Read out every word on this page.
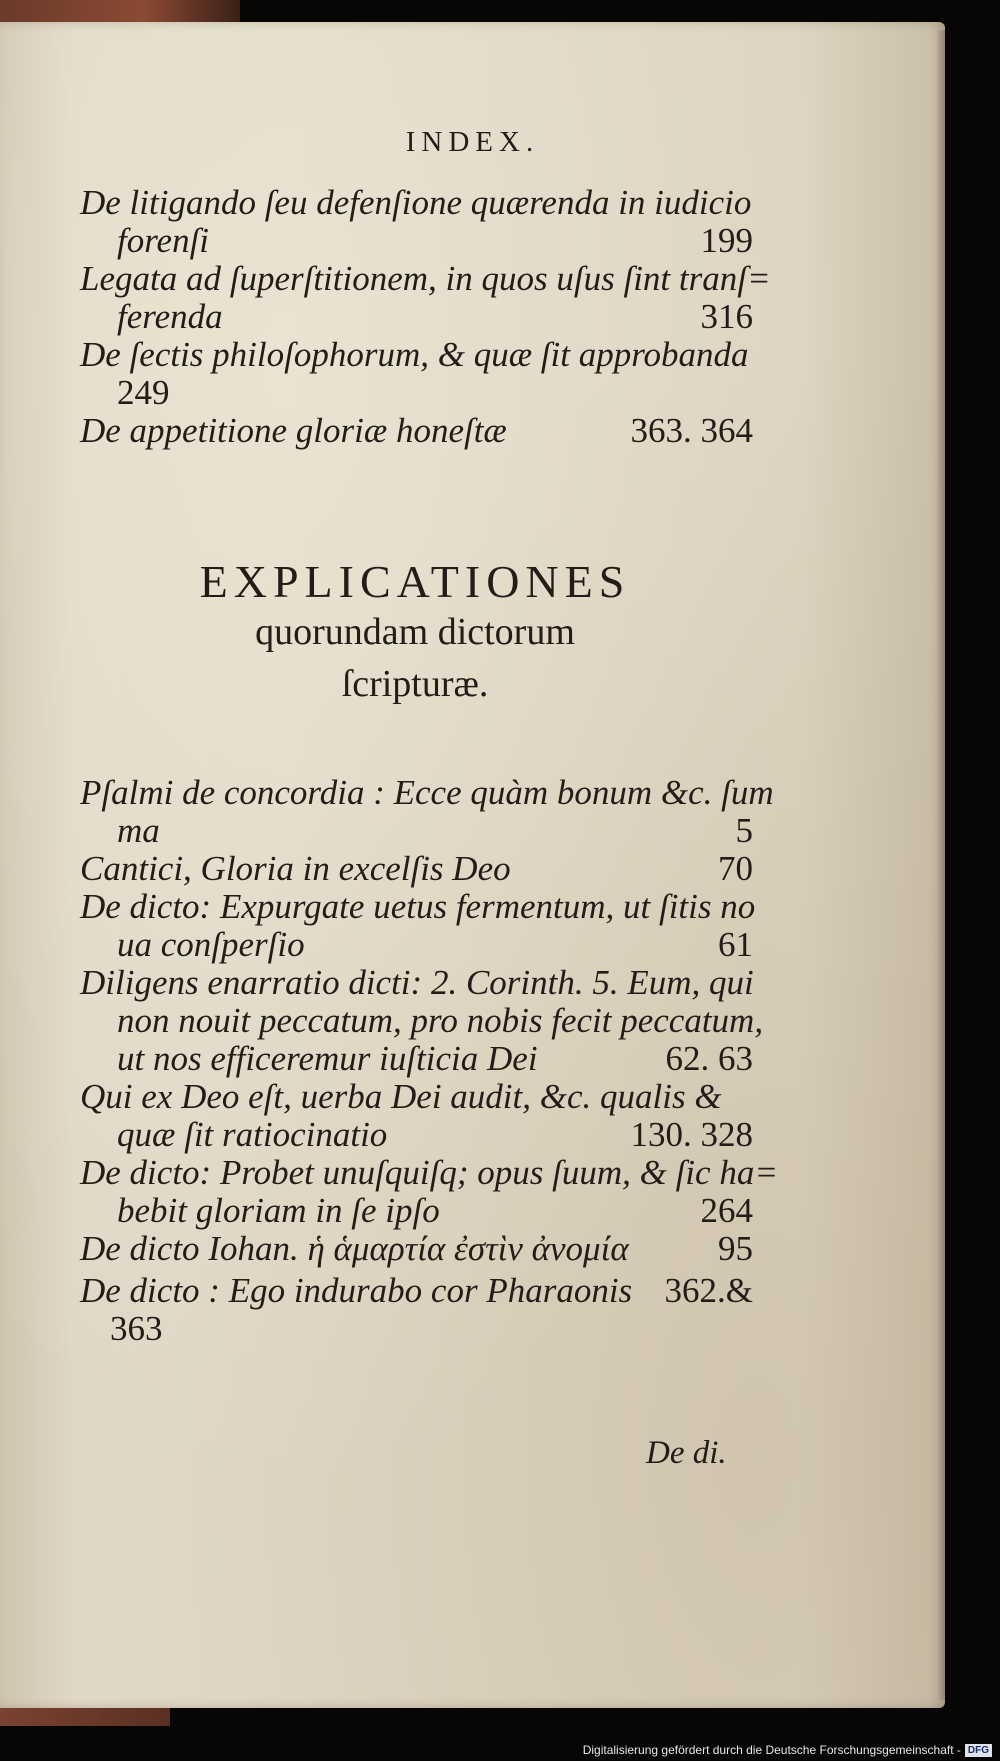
INDEX.
De litigando ſeu defenſione quærenda in iudicio
forenſi	199
Legata ad ſuperſtitionem, in quos uſus ſint tranſ=
ferenda	316
De ſectis philoſophorum, & quæ ſit approbanda
249
De appetitione gloriæ honeſtæ	363. 364
EXPLICATIONES
quorundam dictorum
ſcripturæ.
Pſalmi de concordia : Ecce quàm bonum &c. ſum
ma	5
Cantici, Gloria in excelſis Deo	70
De dicto: Expurgate uetus fermentum, ut ſitis no
ua conſperſio	61
Diligens enarratio dicti: 2. Corinth. 5. Eum, qui
non nouit peccatum, pro nobis fecit peccatum,
ut nos efficeremur iuſticia Dei	62. 63
Qui ex Deo eſt, uerba Dei audit, &c. qualis &
quæ ſit ratiocinatio	130. 328
De dicto: Probet unuſquiſq; opus ſuum, & ſic ha=
bebit gloriam in ſe ipſo	264
De dicto Iohan. ἡ ἁμαρτία ἐστὶν ἀνομία	95
De dicto : Ego indurabo cor Pharaonis 362.&
363
De di.
Digitalisierung gefördert durch die Deutsche Forschungsgemeinschaft - DFG
